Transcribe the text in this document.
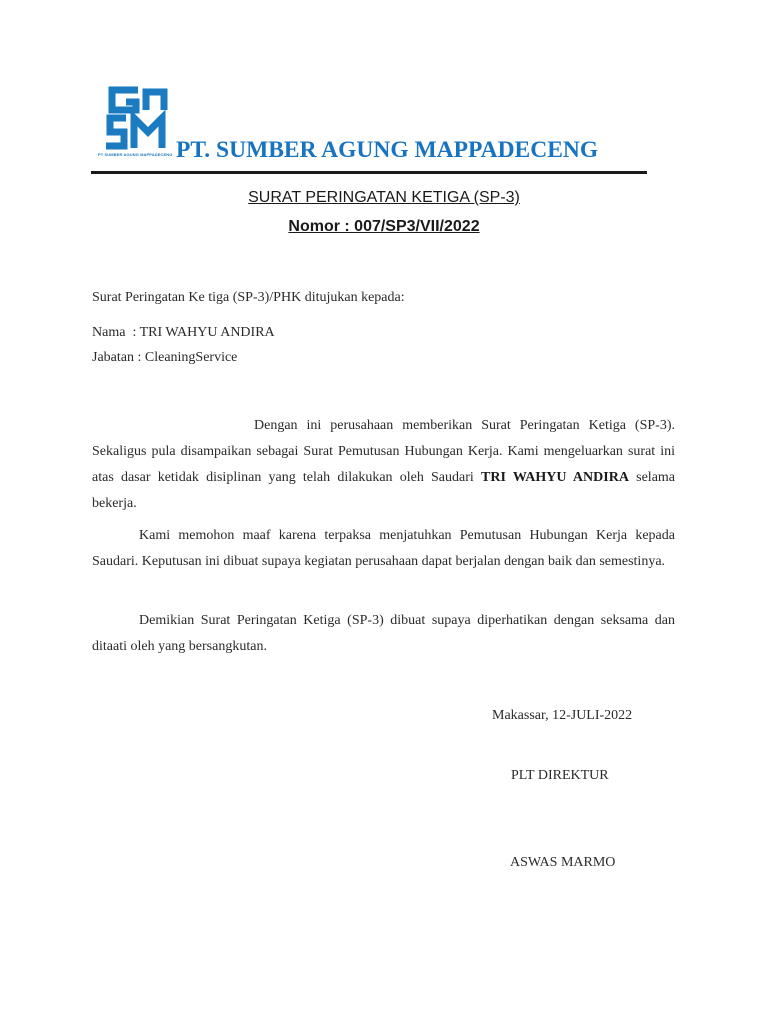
PT SUMBER AGUNG MAPPADECENG PT. SUMBER AGUNG MAPPADECENG
SURAT PERINGATAN KETIGA (SP-3)
Nomor : 007/SP3/VII/2022
Surat Peringatan Ke tiga (SP-3)/PHK ditujukan kepada:
Nama : TRI WAHYU ANDIRA
Jabatan : CleaningService
Dengan ini perusahaan memberikan Surat Peringatan Ketiga (SP-3). Sekaligus pula disampaikan sebagai Surat Pemutusan Hubungan Kerja. Kami mengeluarkan surat ini atas dasar ketidak disiplinan yang telah dilakukan oleh Saudari TRI WAHYU ANDIRA selama bekerja.
Kami memohon maaf karena terpaksa menjatuhkan Pemutusan Hubungan Kerja kepada Saudari. Keputusan ini dibuat supaya kegiatan perusahaan dapat berjalan dengan baik dan semestinya.
Demikian Surat Peringatan Ketiga (SP-3) dibuat supaya diperhatikan dengan seksama dan ditaati oleh yang bersangkutan.
Makassar, 12-JULI-2022
PLT DIREKTUR
ASWAS MARMO
